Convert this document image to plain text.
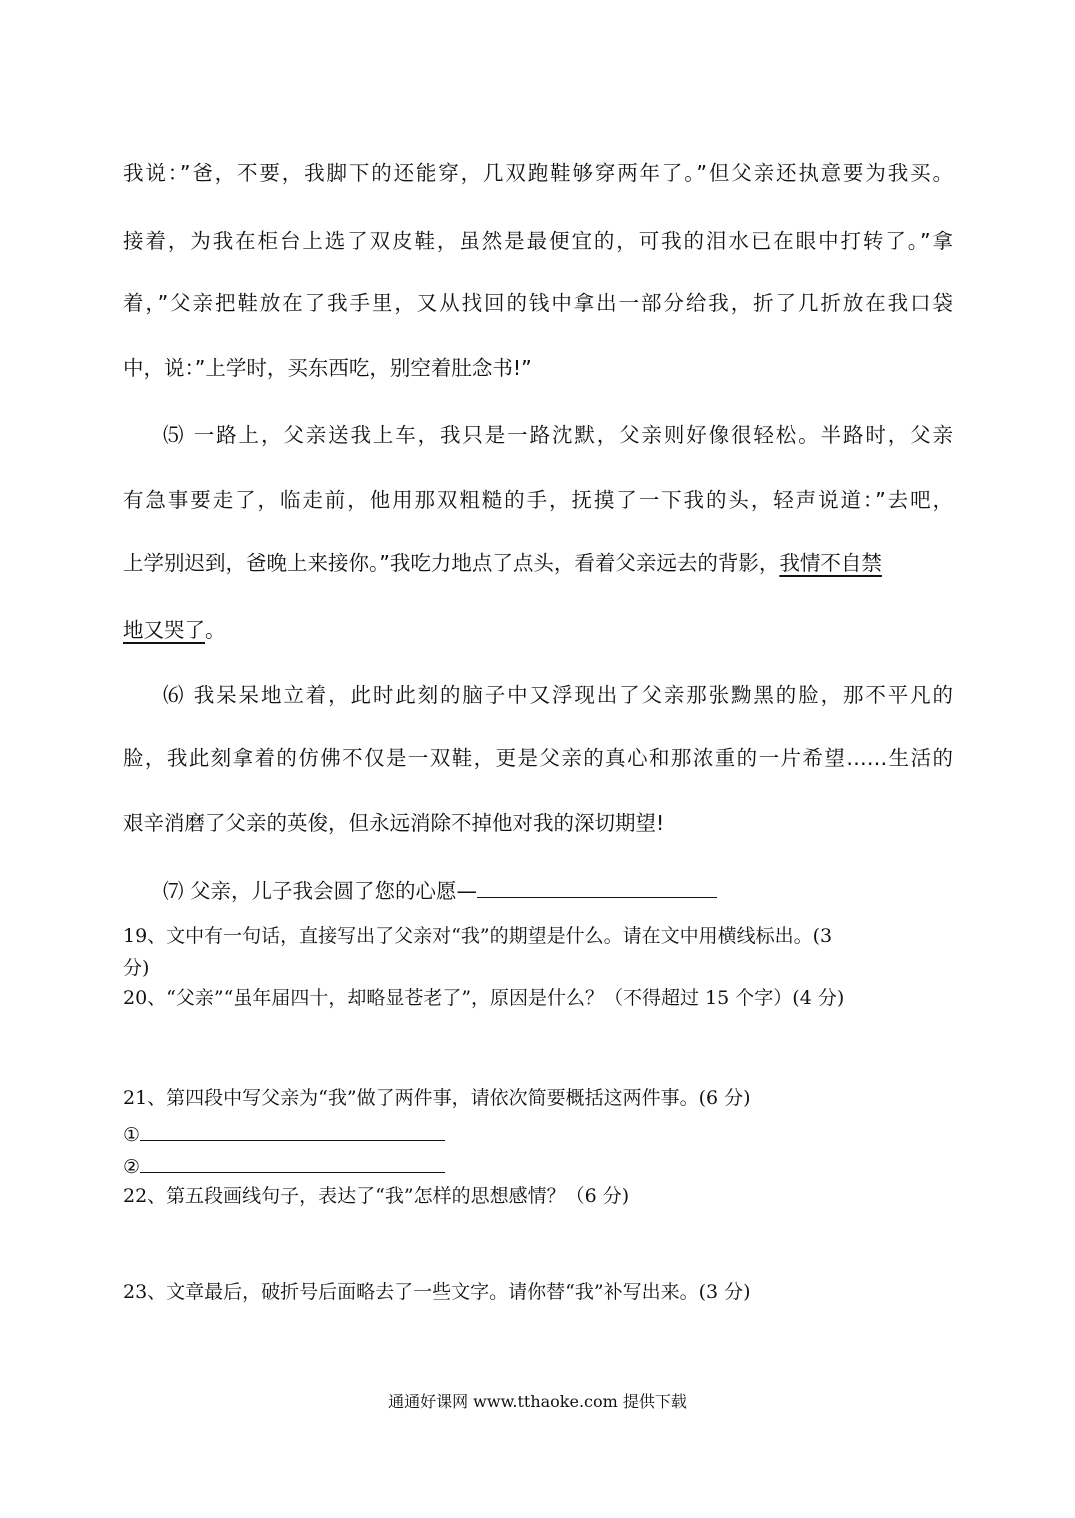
我说：”爸，不要，我脚下的还能穿，几双跑鞋够穿两年了。”但父亲还执意要为我买。
接着，为我在柜台上选了双皮鞋，虽然是最便宜的，可我的泪水已在眼中打转了。”拿
着，”父亲把鞋放在了我手里，又从找回的钱中拿出一部分给我，折了几折放在我口袋
中，说：”上学时，买东西吃，别空着肚念书!”
⑸ 一路上，父亲送我上车，我只是一路沈默，父亲则好像很轻松。半路时，父亲
有急事要走了，临走前，他用那双粗糙的手，抚摸了一下我的头，轻声说道：”去吧，
上学别迟到，爸晚上来接你。”我吃力地点了点头，看着父亲远去的背影，我情不自禁
地又哭了。
⑹ 我呆呆地立着，此时此刻的脑子中又浮现出了父亲那张黝黑的脸，那不平凡的
脸，我此刻拿着的仿佛不仅是一双鞋，更是父亲的真心和那浓重的一片希望……生活的
艰辛消磨了父亲的英俊，但永远消除不掉他对我的深切期望!
⑺ 父亲，儿子我会圆了您的心愿—
19、文中有一句话，直接写出了父亲对“我”的期望是什么。请在文中用横线标出。(3
分)
20、“父亲”“虽年届四十，却略显苍老了”，原因是什么？（不得超过 15 个字）(4 分)
21、第四段中写父亲为“我”做了两件事，请依次简要概括这两件事。(6 分)
①
②
22、第五段画线句子，表达了“我”怎样的思想感情？（6 分)
23、文章最后，破折号后面略去了一些文字。请你替“我”补写出来。(3 分)
通通好课网 www.tthaoke.com 提供下载
